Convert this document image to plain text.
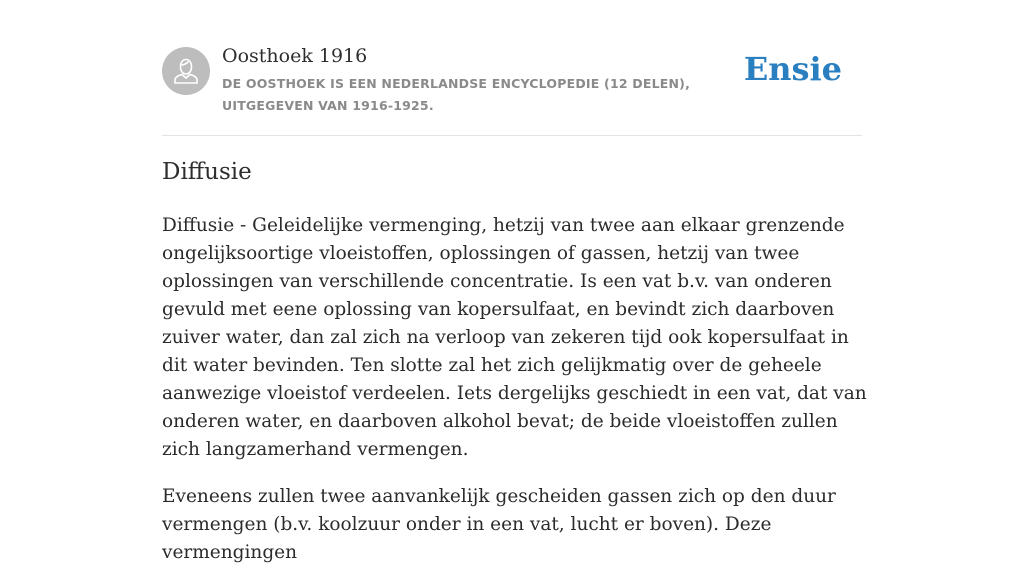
Oosthoek 1916
DE OOSTHOEK IS EEN NEDERLANDSE ENCYCLOPEDIE (12 DELEN), UITGEGEVEN VAN 1916-1925.
Ensie
Diffusie

Diffusie - Geleidelijke vermenging, hetzij van twee aan elkaar grenzende ongelijksoortige vloeistoffen, oplossingen of gassen, hetzij van twee oplossingen van verschillende concentratie. Is een vat b.v. van onderen gevuld met eene oplossing van kopersulfaat, en bevindt zich daarboven zuiver water, dan zal zich na verloop van zekeren tijd ook kopersulfaat in dit water bevinden. Ten slotte zal het zich gelijkmatig over de geheele aanwezige vloeistof verdeelen. Iets dergelijks geschiedt in een vat, dat van onderen water, en daarboven alkohol bevat; de beide vloeistoffen zullen zich langzamerhand vermengen.

Eveneens zullen twee aanvankelijk gescheiden gassen zich op den duur vermengen (b.v. koolzuur onder in een vat, lucht er boven). Deze vermengingen
